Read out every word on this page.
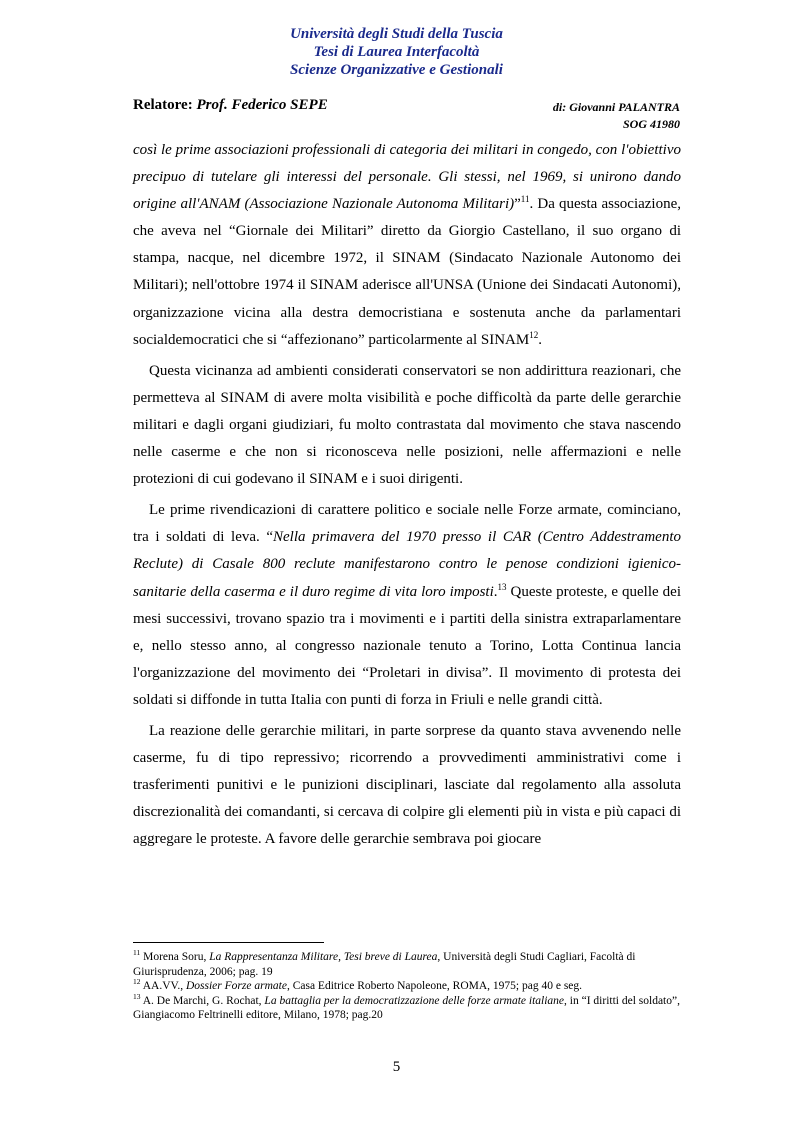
Università degli Studi della Tuscia
Tesi di Laurea Interfacoltà
Scienze Organizzative e Gestionali
Relatore: Prof. Federico SEPE	di: Giovanni PALANTRA
SOG 41980

così le prime associazioni professionali di categoria dei militari in congedo, con l'obiettivo precipuo di tutelare gli interessi del personale. Gli stessi, nel 1969, si unirono dando origine all'ANAM (Associazione Nazionale Autonoma Militari)”$^{11}$. Da questa associazione, che aveva nel “Giornale dei Militari” diretto da Giorgio Castellano, il suo organo di stampa, nacque, nel dicembre 1972, il SINAM (Sindacato Nazionale Autonomo dei Militari); nell'ottobre 1974 il SINAM aderisce all'UNSA (Unione dei Sindacati Autonomi), organizzazione vicina alla destra democristiana e sostenuta anche da parlamentari socialdemocratici che si “affezionano” particolarmente al SINAM$^{12}$.

Questa vicinanza ad ambienti considerati conservatori se non addirittura reazionari, che permetteva al SINAM di avere molta visibilità e poche difficoltà da parte delle gerarchie militari e dagli organi giudiziari, fu molto contrastata dal movimento che stava nascendo nelle caserme e che non si riconosceva nelle posizioni, nelle affermazioni e nelle protezioni di cui godevano il SINAM e i suoi dirigenti.

Le prime rivendicazioni di carattere politico e sociale nelle Forze armate, cominciano, tra i soldati di leva. “Nella primavera del 1970 presso il CAR (Centro Addestramento Reclute) di Casale 800 reclute manifestarono contro le penose condizioni igienico-sanitarie della caserma e il duro regime di vita loro imposti.$^{13}$ Queste proteste, e quelle dei mesi successivi, trovano spazio tra i movimenti e i partiti della sinistra extraparlamentare e, nello stesso anno, al congresso nazionale tenuto a Torino, Lotta Continua lancia l'organizzazione del movimento dei “Proletari in divisa”. Il movimento di protesta dei soldati si diffonde in tutta Italia con punti di forza in Friuli e nelle grandi città.

La reazione delle gerarchie militari, in parte sorprese da quanto stava avvenendo nelle caserme, fu di tipo repressivo; ricorrendo a provvedimenti amministrativi come i trasferimenti punitivi e le punizioni disciplinari, lasciate dal regolamento alla assoluta discrezionalità dei comandanti, si cercava di colpire gli elementi più in vista e più capaci di aggregare le proteste. A favore delle gerarchie sembrava poi giocare

$^{11}$ Morena Soru, La Rappresentanza Militare, Tesi breve di Laurea, Università degli Studi Cagliari, Facoltà di Giurisprudenza, 2006; pag. 19
$^{12}$ AA.VV., Dossier Forze armate, Casa Editrice Roberto Napoleone, ROMA, 1975; pag 40 e seg.
$^{13}$ A. De Marchi, G. Rochat, La battaglia per la democratizzazione delle forze armate italiane, in “I diritti del soldato”, Giangiacomo Feltrinelli editore, Milano, 1978; pag.20
5
